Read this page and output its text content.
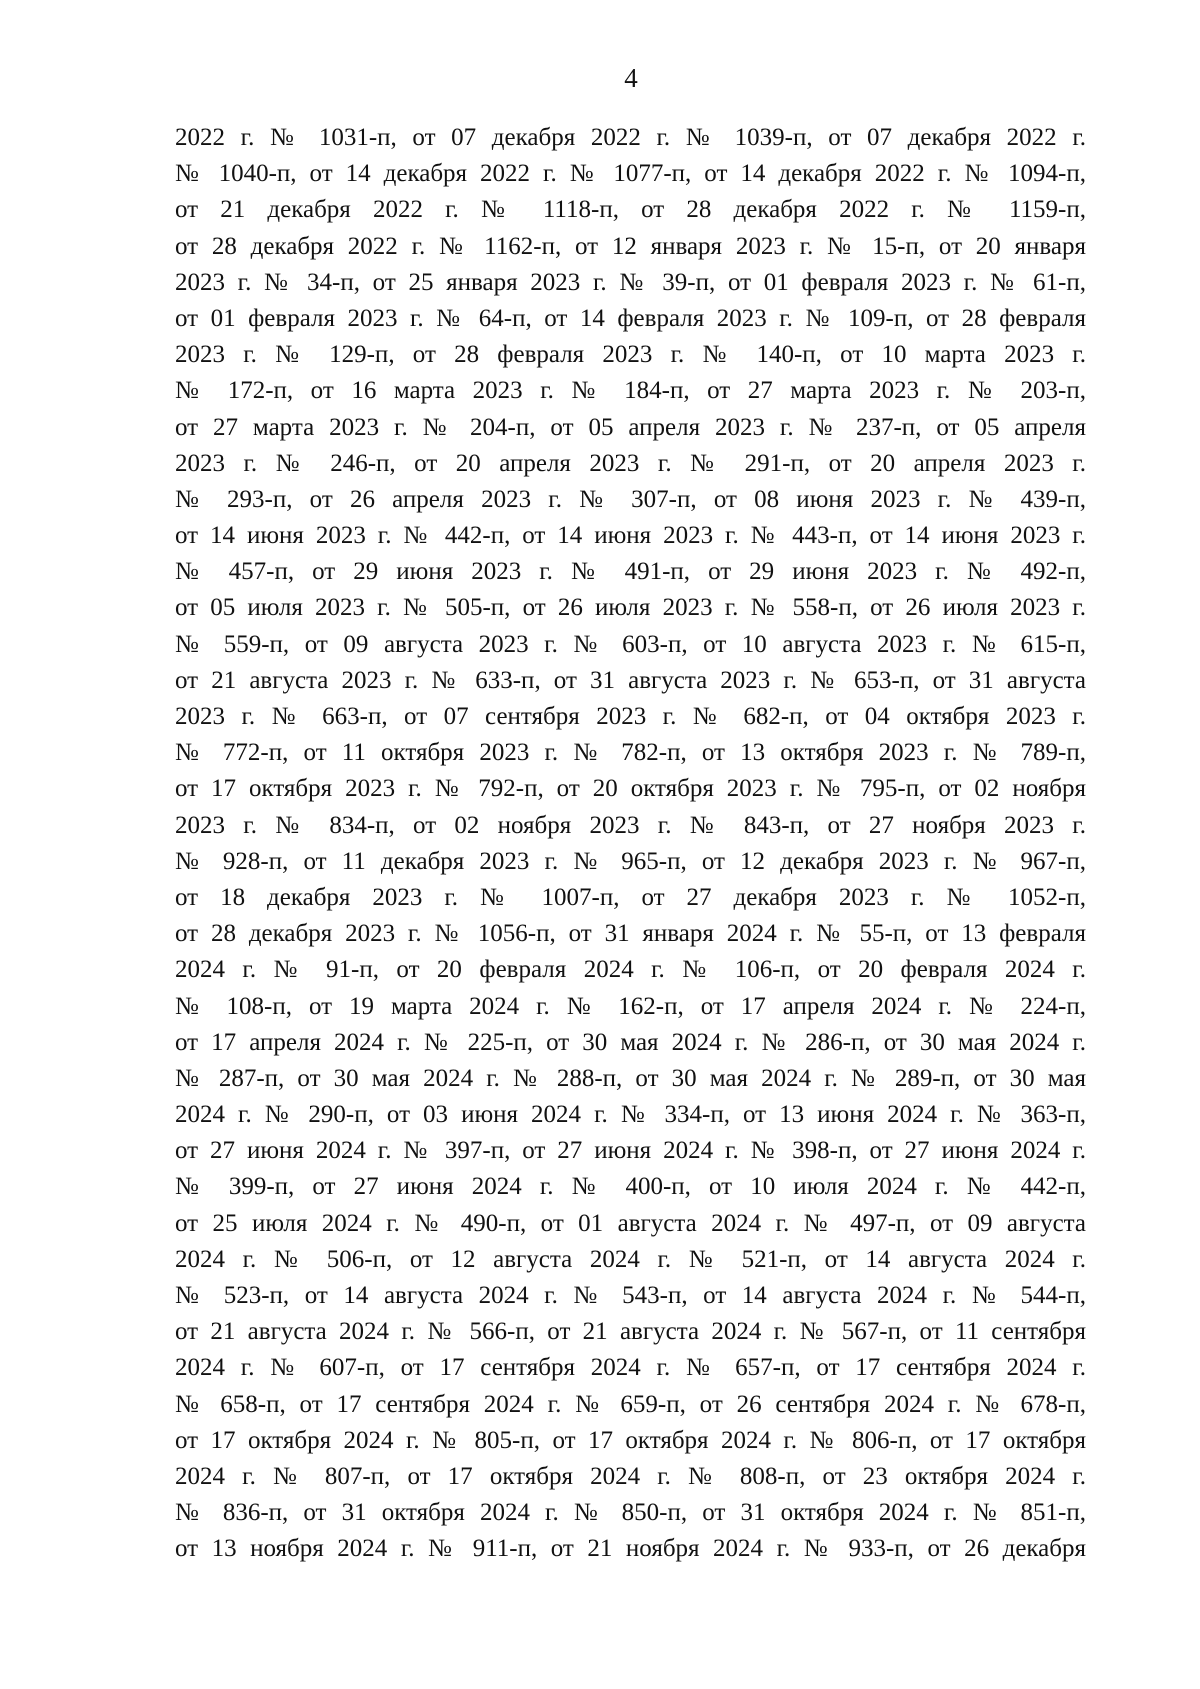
4
2022 г. № 1031-п, от 07 декабря 2022 г. № 1039-п, от 07 декабря 2022 г.
№ 1040-п, от 14 декабря 2022 г. № 1077-п, от 14 декабря 2022 г. № 1094-п,
от 21 декабря 2022 г. № 1118-п, от 28 декабря 2022 г. № 1159-п,
от 28 декабря 2022 г. № 1162-п, от 12 января 2023 г. № 15-п, от 20 января
2023 г. № 34-п, от 25 января 2023 г. № 39-п, от 01 февраля 2023 г. № 61-п,
от 01 февраля 2023 г. № 64-п, от 14 февраля 2023 г. № 109-п, от 28 февраля
2023 г. № 129-п, от 28 февраля 2023 г. № 140-п, от 10 марта 2023 г.
№ 172-п, от 16 марта 2023 г. № 184-п, от 27 марта 2023 г. № 203-п,
от 27 марта 2023 г. № 204-п, от 05 апреля 2023 г. № 237-п, от 05 апреля
2023 г. № 246-п, от 20 апреля 2023 г. № 291-п, от 20 апреля 2023 г.
№ 293-п, от 26 апреля 2023 г. № 307-п, от 08 июня 2023 г. № 439-п,
от 14 июня 2023 г. № 442-п, от 14 июня 2023 г. № 443-п, от 14 июня 2023 г.
№ 457-п, от 29 июня 2023 г. № 491-п, от 29 июня 2023 г. № 492-п,
от 05 июля 2023 г. № 505-п, от 26 июля 2023 г. № 558-п, от 26 июля 2023 г.
№ 559-п, от 09 августа 2023 г. № 603-п, от 10 августа 2023 г. № 615-п,
от 21 августа 2023 г. № 633-п, от 31 августа 2023 г. № 653-п, от 31 августа
2023 г. № 663-п, от 07 сентября 2023 г. № 682-п, от 04 октября 2023 г.
№ 772-п, от 11 октября 2023 г. № 782-п, от 13 октября 2023 г. № 789-п,
от 17 октября 2023 г. № 792-п, от 20 октября 2023 г. № 795-п, от 02 ноября
2023 г. № 834-п, от 02 ноября 2023 г. № 843-п, от 27 ноября 2023 г.
№ 928-п, от 11 декабря 2023 г. № 965-п, от 12 декабря 2023 г. № 967-п,
от 18 декабря 2023 г. № 1007-п, от 27 декабря 2023 г. № 1052-п,
от 28 декабря 2023 г. № 1056-п, от 31 января 2024 г. № 55-п, от 13 февраля
2024 г. № 91-п, от 20 февраля 2024 г. № 106-п, от 20 февраля 2024 г.
№ 108-п, от 19 марта 2024 г. № 162-п, от 17 апреля 2024 г. № 224-п,
от 17 апреля 2024 г. № 225-п, от 30 мая 2024 г. № 286-п, от 30 мая 2024 г.
№ 287-п, от 30 мая 2024 г. № 288-п, от 30 мая 2024 г. № 289-п, от 30 мая
2024 г. № 290-п, от 03 июня 2024 г. № 334-п, от 13 июня 2024 г. № 363-п,
от 27 июня 2024 г. № 397-п, от 27 июня 2024 г. № 398-п, от 27 июня 2024 г.
№ 399-п, от 27 июня 2024 г. № 400-п, от 10 июля 2024 г. № 442-п,
от 25 июля 2024 г. № 490-п, от 01 августа 2024 г. № 497-п, от 09 августа
2024 г. № 506-п, от 12 августа 2024 г. № 521-п, от 14 августа 2024 г.
№ 523-п, от 14 августа 2024 г. № 543-п, от 14 августа 2024 г. № 544-п,
от 21 августа 2024 г. № 566-п, от 21 августа 2024 г. № 567-п, от 11 сентября
2024 г. № 607-п, от 17 сентября 2024 г. № 657-п, от 17 сентября 2024 г.
№ 658-п, от 17 сентября 2024 г. № 659-п, от 26 сентября 2024 г. № 678-п,
от 17 октября 2024 г. № 805-п, от 17 октября 2024 г. № 806-п, от 17 октября
2024 г. № 807-п, от 17 октября 2024 г. № 808-п, от 23 октября 2024 г.
№ 836-п, от 31 октября 2024 г. № 850-п, от 31 октября 2024 г. № 851-п,
от 13 ноября 2024 г. № 911-п, от 21 ноября 2024 г. № 933-п, от 26 декабря
